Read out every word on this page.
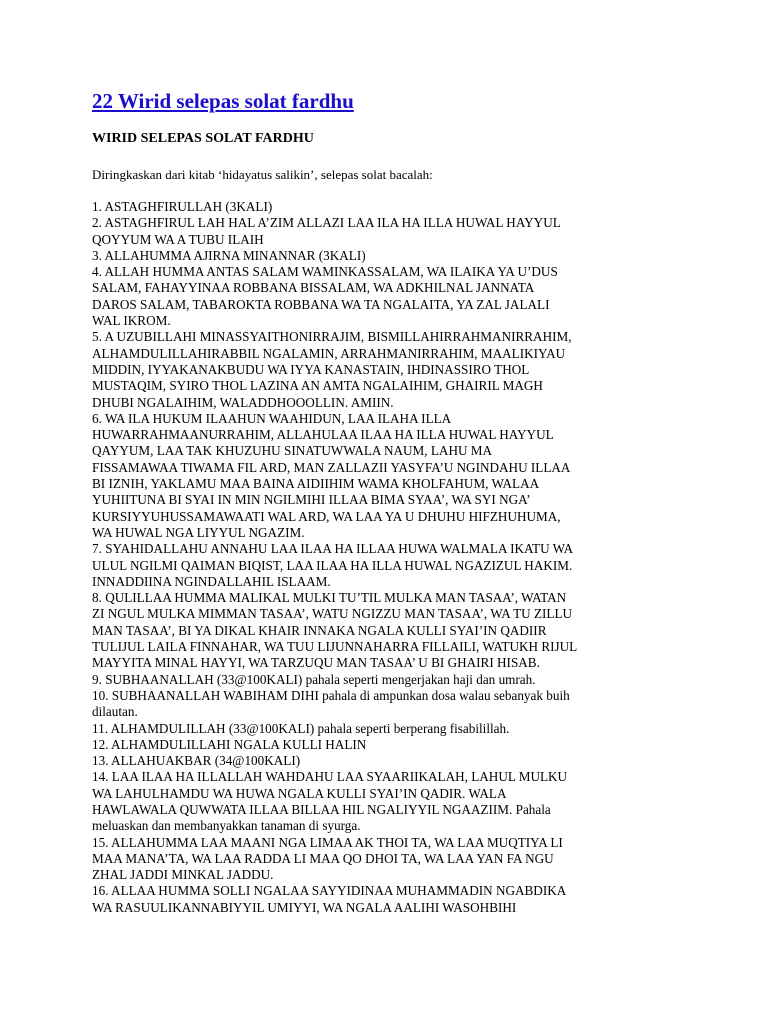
22 Wirid selepas solat fardhu
WIRID SELEPAS SOLAT FARDHU
Diringkaskan dari kitab ‘hidayatus salikin’, selepas solat bacalah:
1. ASTAGHFIRULLAH (3KALI)
2. ASTAGHFIRUL LAH HAL A’ZIM ALLAZI LAA ILA HA ILLA HUWAL HAYYUL
QOYYUM WA A TUBU ILAIH
3. ALLAHUMMA AJIRNA MINANNAR (3KALI)
4. ALLAH HUMMA ANTAS SALAM WAMINKASSALAM, WA ILAIKA YA U’DUS
SALAM, FAHAYYINAA ROBBANA BISSALAM, WA ADKHILNAL JANNATA
DAROS SALAM, TABAROKTA ROBBANA WA TA NGALAITA, YA ZAL JALALI
WAL IKROM.
5. A UZUBILLAHI MINASSYAITHONIRRAJIM, BISMILLAHIRRAHMANIRRAHIM,
ALHAMDULILLAHIRABBIL NGALAMIN, ARRAHMANIRRAHIM, MAALIKIYAU
MIDDIN, IYYAKANAKBUDU WA IYYA KANASTAIN, IHDINASSIRO THOL
MUSTAQIM, SYIRO THOL LAZINA AN AMTA NGALAIHIM, GHAIRIL MAGH
DHUBI NGALAIHIM, WALADDHOOOLLIN. AMIIN.
6. WA ILA HUKUM ILAAHUN WAAHIDUN, LAA ILAHA ILLA
HUWARRAHMAANURRAHIM, ALLAHULAA ILAA HA ILLA HUWAL HAYYUL
QAYYUM, LAA TAK KHUZUHU SINATUWWALA NAUM, LAHU MA
FISSAMAWAA TIWAMA FIL ARD, MAN ZALLAZII YASYFA’U NGINDAHU ILLAA
BI IZNIH, YAKLAMU MAA BAINA AIDIIHIM WAMA KHOLFAHUM, WALAA
YUHIITUNA BI SYAI IN MIN NGILMIHI ILLAA BIMA SYAA’, WA SYI NGA’
KURSIYYUHUSSAMAWAATI WAL ARD, WA LAA YA U DHUHU HIFZHUHUMA,
WA HUWAL NGA LIYYUL NGAZIM.
7. SYAHIDALLAHU ANNAHU LAA ILAA HA ILLAA HUWA WALMALA IKATU WA
ULUL NGILMI QAIMAN BIQIST, LAA ILAA HA ILLA HUWAL NGAZIZUL HAKIM.
INNADDIINA NGINDALLAHIL ISLAAM.
8. QULILLAA HUMMA MALIKAL MULKI TU’TIL MULKA MAN TASAA’, WATAN
ZI NGUL MULKA MIMMAN TASAA’, WATU NGIZZU MAN TASAA’, WA TU ZILLU
MAN TASAA’, BI YA DIKAL KHAIR INNAKA NGALA KULLI SYAI’IN QADIIR
TULIJUL LAILA FINNAHAR, WA TUU LIJUNNAHARRA FILLAILI, WATUKH RIJUL
MAYYITA MINAL HAYYI, WA TARZUQU MAN TASAA’ U BI GHAIRI HISAB.
9. SUBHAANALLAH (33@100KALI) pahala seperti mengerjakan haji dan umrah.
10. SUBHAANALLAH WABIHAM DIHI pahala di ampunkan dosa walau sebanyak buih
dilautan.
11. ALHAMDULILLAH (33@100KALI) pahala seperti berperang fisabilillah.
12. ALHAMDULILLAHI NGALA KULLI HALIN
13. ALLAHUAKBAR (34@100KALI)
14. LAA ILAA HA ILLALLAH WAHDAHU LAA SYAARIIKALAH, LAHUL MULKU
WA LAHULHAMDU WA HUWA NGALA KULLI SYAI’IN QADIR. WALA
HAWLAWALA QUWWATA ILLAA BILLAA HIL NGALIYYIL NGAAZIIM. Pahala
meluaskan dan membanyakkan tanaman di syurga.
15. ALLAHUMMA LAA MAANI NGA LIMAA AK THOI TA, WA LAA MUQTIYA LI
MAA MANA’TA, WA LAA RADDA LI MAA QO DHOI TA, WA LAA YAN FA NGU
ZHAL JADDI MINKAL JADDU.
16. ALLAA HUMMA SOLLI NGALAA SAYYIDINAA MUHAMMADIN NGABDIKA
WA RASUULIKANNABIYYIL UMIYYI, WA NGALA AALIHI WASOHBIHI
